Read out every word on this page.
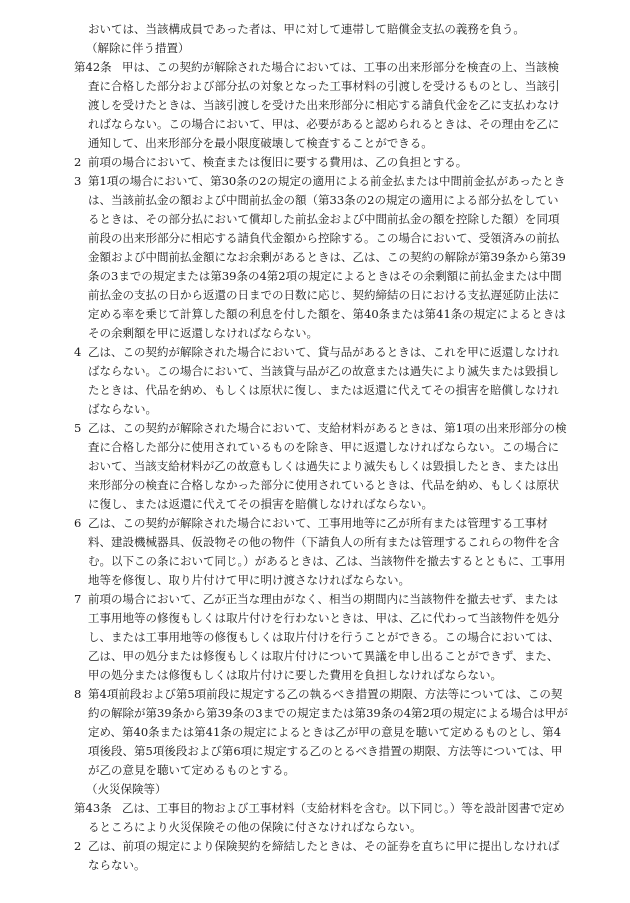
おいては、当該構成員であった者は、甲に対して連帯して賠償金支払の義務を負う。
（解除に伴う措置）
第42条 甲は、この契約が解除された場合においては、工事の出来形部分を検査の上、当該検査に合格した部分および部分払の対象となった工事材料の引渡しを受けるものとし、当該引渡しを受けたときは、当該引渡しを受けた出来形部分に相応する請負代金を乙に支払わなければならない。この場合において、甲は、必要があると認められるときは、その理由を乙に通知して、出来形部分を最小限度破壊して検査することができる。
2 前項の場合において、検査または復旧に要する費用は、乙の負担とする。
3 第1項の場合において、第30条の2の規定の適用による前金払または中間前金払があったときは、当該前払金の額および中間前払金の額（第33条の2の規定の適用による部分払をしているときは、その部分払において償却した前払金および中間前払金の額を控除した額）を同項前段の出来形部分に相応する請負代金額から控除する。この場合において、受領済みの前払金額および中間前払金額になお余剰があるときは、乙は、この契約の解除が第39条から第39条の3までの規定または第39条の4第2項の規定によるときはその余剰額に前払金または中間前払金の支払の日から返還の日までの日数に応じ、契約締結の日における支払遅延防止法に定める率を乗じて計算した額の利息を付した額を、第40条または第41条の規定によるときはその余剰額を甲に返還しなければならない。
4 乙は、この契約が解除された場合において、貸与品があるときは、これを甲に返還しなければならない。この場合において、当該貸与品が乙の故意または過失により滅失または毀損したときは、代品を納め、もしくは原状に復し、または返還に代えてその損害を賠償しなければならない。
5 乙は、この契約が解除された場合において、支給材料があるときは、第1項の出来形部分の検査に合格した部分に使用されているものを除き、甲に返還しなければならない。この場合において、当該支給材料が乙の故意もしくは過失により滅失もしくは毀損したとき、または出来形部分の検査に合格しなかった部分に使用されているときは、代品を納め、もしくは原状に復し、または返還に代えてその損害を賠償しなければならない。
6 乙は、この契約が解除された場合において、工事用地等に乙が所有または管理する工事材料、建設機械器具、仮設物その他の物件（下請負人の所有または管理するこれらの物件を含む。以下この条において同じ。）があるときは、乙は、当該物件を撤去するとともに、工事用地等を修復し、取り片付けて甲に明け渡さなければならない。
7 前項の場合において、乙が正当な理由がなく、相当の期間内に当該物件を撤去せず、または工事用地等の修復もしくは取片付けを行わないときは、甲は、乙に代わって当該物件を処分し、または工事用地等の修復もしくは取片付けを行うことができる。この場合においては、乙は、甲の処分または修復もしくは取片付けについて異議を申し出ることができず、また、甲の処分または修復もしくは取片付けに要した費用を負担しなければならない。
8 第4項前段および第5項前段に規定する乙の執るべき措置の期限、方法等については、この契約の解除が第39条から第39条の3までの規定または第39条の4第2項の規定による場合は甲が定め、第40条または第41条の規定によるときは乙が甲の意見を聴いて定めるものとし、第4項後段、第5項後段および第6項に規定する乙のとるべき措置の期限、方法等については、甲が乙の意見を聴いて定めるものとする。
（火災保険等）
第43条 乙は、工事目的物および工事材料（支給材料を含む。以下同じ。）等を設計図書で定めるところにより火災保険その他の保険に付さなければならない。
2 乙は、前項の規定により保険契約を締結したときは、その証券を直ちに甲に提出しなければならない。
